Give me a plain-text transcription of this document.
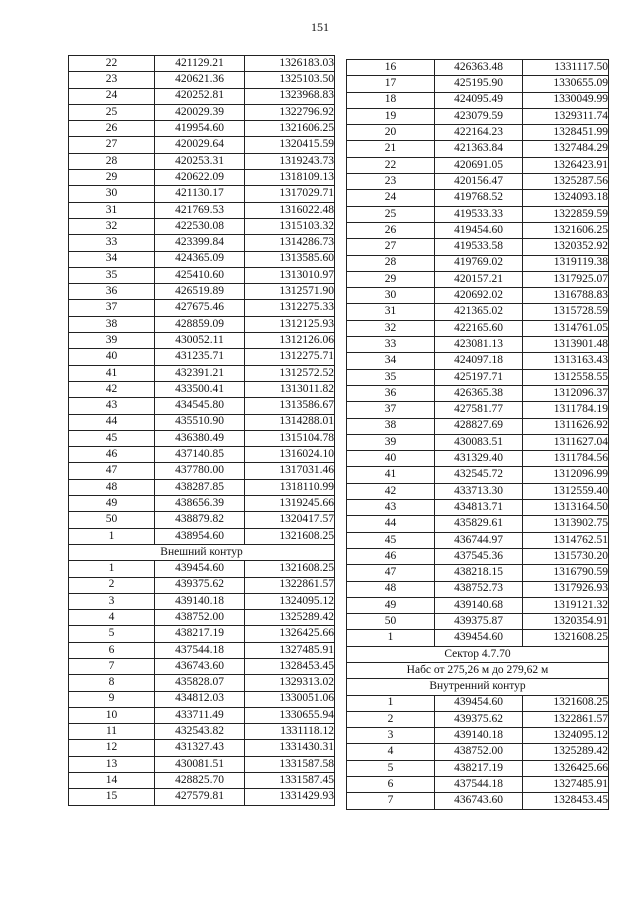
151
22	421129.21	1326183.03
23	420621.36	1325103.50
24	420252.81	1323968.83
25	420029.39	1322796.92
26	419954.60	1321606.25
27	420029.64	1320415.59
28	420253.31	1319243.73
29	420622.09	1318109.13
30	421130.17	1317029.71
31	421769.53	1316022.48
32	422530.08	1315103.32
33	423399.84	1314286.73
34	424365.09	1313585.60
35	425410.60	1313010.97
36	426519.89	1312571.90
37	427675.46	1312275.33
38	428859.09	1312125.93
39	430052.11	1312126.06
40	431235.71	1312275.71
41	432391.21	1312572.52
42	433500.41	1313011.82
43	434545.80	1313586.67
44	435510.90	1314288.01
45	436380.49	1315104.78
46	437140.85	1316024.10
47	437780.00	1317031.46
48	438287.85	1318110.99
49	438656.39	1319245.66
50	438879.82	1320417.57
1	438954.60	1321608.25
Внешний контур		
1	439454.60	1321608.25
2	439375.62	1322861.57
3	439140.18	1324095.12
4	438752.00	1325289.42
5	438217.19	1326425.66
6	437544.18	1327485.91
7	436743.60	1328453.45
8	435828.07	1329313.02
9	434812.03	1330051.06
10	433711.49	1330655.94
11	432543.82	1331118.12
12	431327.43	1331430.31
13	430081.51	1331587.58
14	428825.70	1331587.45
15	427579.81	1331429.93
16	426363.48	1331117.50
17	425195.90	1330655.09
18	424095.49	1330049.99
19	423079.59	1329311.74
20	422164.23	1328451.99
21	421363.84	1327484.29
22	420691.05	1326423.91
23	420156.47	1325287.56
24	419768.52	1324093.18
25	419533.33	1322859.59
26	419454.60	1321606.25
27	419533.58	1320352.92
28	419769.02	1319119.38
29	420157.21	1317925.07
30	420692.02	1316788.83
31	421365.02	1315728.59
32	422165.60	1314761.05
33	423081.13	1313901.48
34	424097.18	1313163.43
35	425197.71	1312558.55
36	426365.38	1312096.37
37	427581.77	1311784.19
38	428827.69	1311626.92
39	430083.51	1311627.04
40	431329.40	1311784.56
41	432545.72	1312096.99
42	433713.30	1312559.40
43	434813.71	1313164.50
44	435829.61	1313902.75
45	436744.97	1314762.51
46	437545.36	1315730.20
47	438218.15	1316790.59
48	438752.73	1317926.93
49	439140.68	1319121.32
50	439375.87	1320354.91
1	439454.60	1321608.25
Сектор 4.7.70		
Набс от 275,26 м до 279,62 м		
Внутренний контур		
1	439454.60	1321608.25
2	439375.62	1322861.57
3	439140.18	1324095.12
4	438752.00	1325289.42
5	438217.19	1326425.66
6	437544.18	1327485.91
7	436743.60	1328453.45
